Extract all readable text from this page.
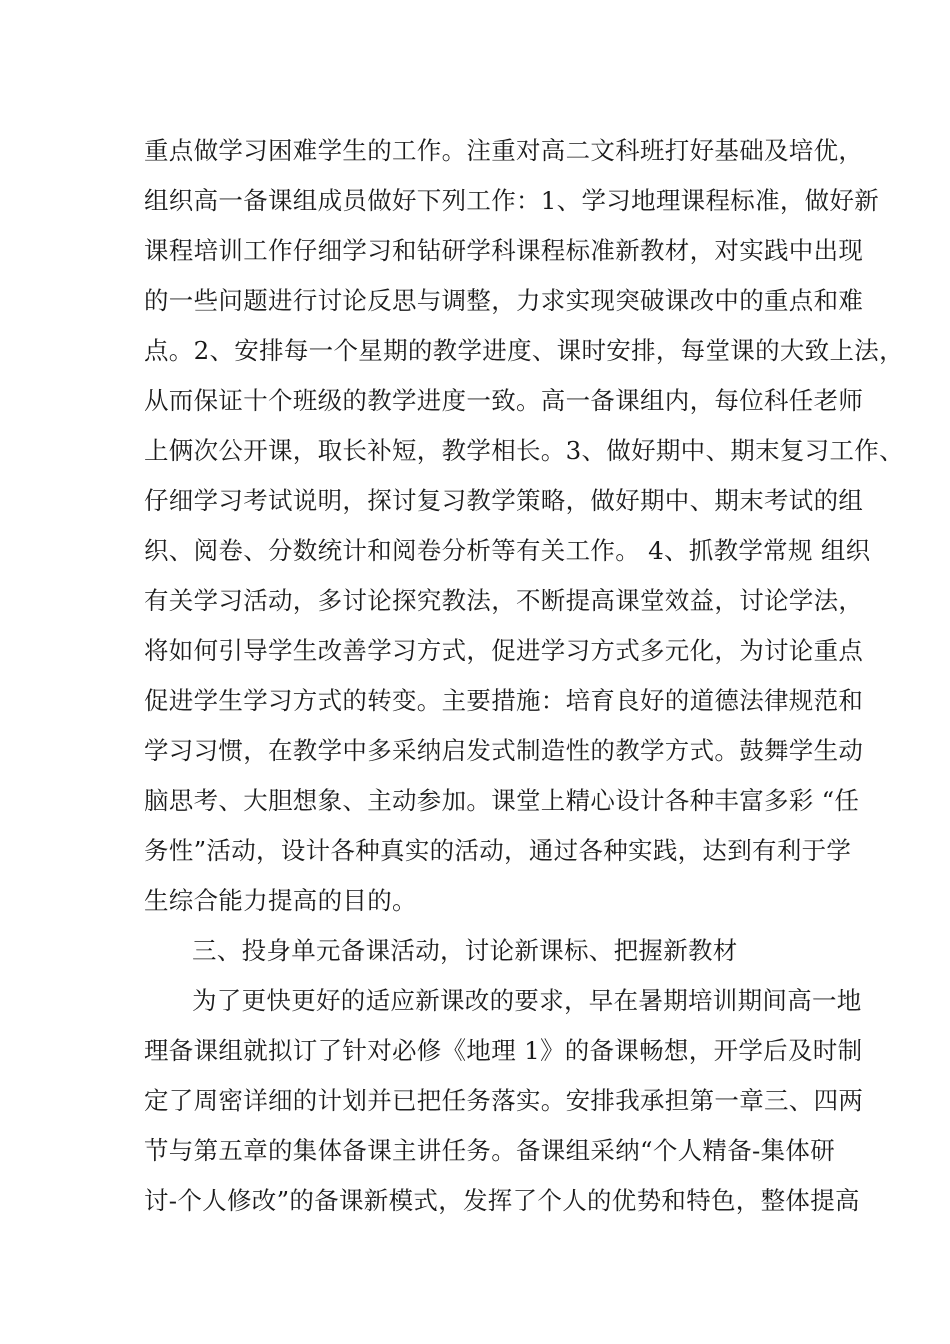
重点做学习困难学生的工作。注重对高二文科班打好基础及培优，
组织高一备课组成员做好下列工作：1、学习地理课程标准，做好新
课程培训工作仔细学习和钻研学科课程标准新教材，对实践中出现
的一些问题进行讨论反思与调整，力求实现突破课改中的重点和难
点。2、安排每一个星期的教学进度、课时安排，每堂课的大致上法，
从而保证十个班级的教学进度一致。高一备课组内，每位科任老师
上俩次公开课，取长补短，教学相长。3、做好期中、期末复习工作、
仔细学习考试说明，探讨复习教学策略，做好期中、期末考试的组
织、阅卷、分数统计和阅卷分析等有关工作。 4、抓教学常规 组织
有关学习活动，多讨论探究教法，不断提高课堂效益，讨论学法，
将如何引导学生改善学习方式，促进学习方式多元化，为讨论重点
促进学生学习方式的转变。主要措施：培育良好的道德法律规范和
学习习惯，在教学中多采纳启发式制造性的教学方式。鼓舞学生动
脑思考、大胆想象、主动参加。课堂上精心设计各种丰富多彩 “任
务性”活动，设计各种真实的活动，通过各种实践，达到有利于学
生综合能力提高的目的。
三、投身单元备课活动，讨论新课标、把握新教材
为了更快更好的适应新课改的要求，早在暑期培训期间高一地
理备课组就拟订了针对必修《地理 1》的备课畅想，开学后及时制
定了周密详细的计划并已把任务落实。安排我承担第一章三、四两
节与第五章的集体备课主讲任务。备课组采纳“个人精备-集体研
讨-个人修改”的备课新模式，发挥了个人的优势和特色，整体提高
